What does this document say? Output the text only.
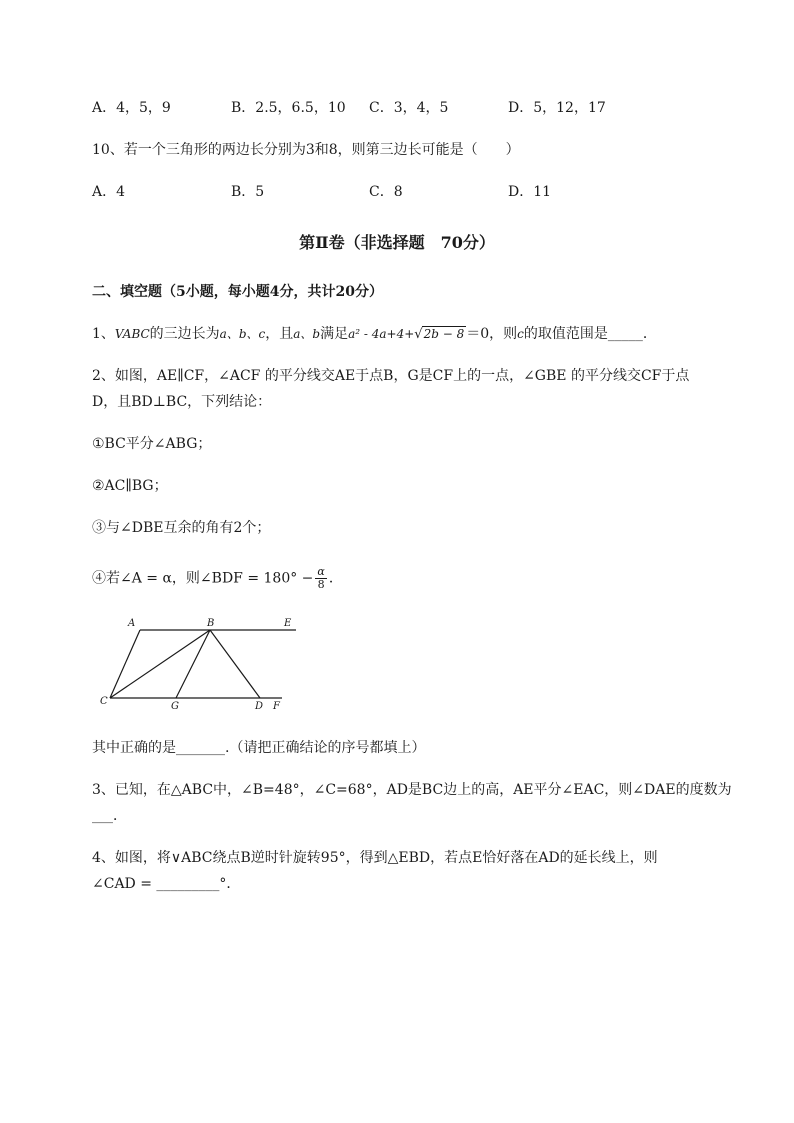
A．4，5，9	B．2.5，6.5，10 C．3，4，5	D．5，12，17
10、若一个三角形的两边长分别为3和8，则第三边长可能是（　　）
A．4	B．5	C．8	D．11
第Ⅱ卷（非选择题　70分）
二、填空题（5小题，每小题4分，共计20分）
1、VABC的三边长为a、b、c，且a、b满足a² - 4a+4+√2b − 8 ＝0，则c的取值范围是_____．
2、如图，AE∥CF，∠ACF 的平分线交AE于点B，G是CF上的一点，∠GBE 的平分线交CF于点
D，且BD⊥BC，下列结论：
①BC平分∠ABG；
②AC∥BG；
③与∠DBE互余的角有2个；
④若∠A = α，则∠BDF = $180^\circ - \frac{\alpha}{8}$ ．
A	B	E
C	G	D F
其中正确的是_______.（请把正确结论的序号都填上）
3、已知，在△ABC中，∠B=48°，∠C=68°，AD是BC边上的高，AE平分∠EAC，则∠DAE的度数为
___．
4、如图，将∨ABC绕点B逆时针旋转95°，得到△EBD，若点E恰好落在AD的延长线上，则
∠CAD = _________°．
